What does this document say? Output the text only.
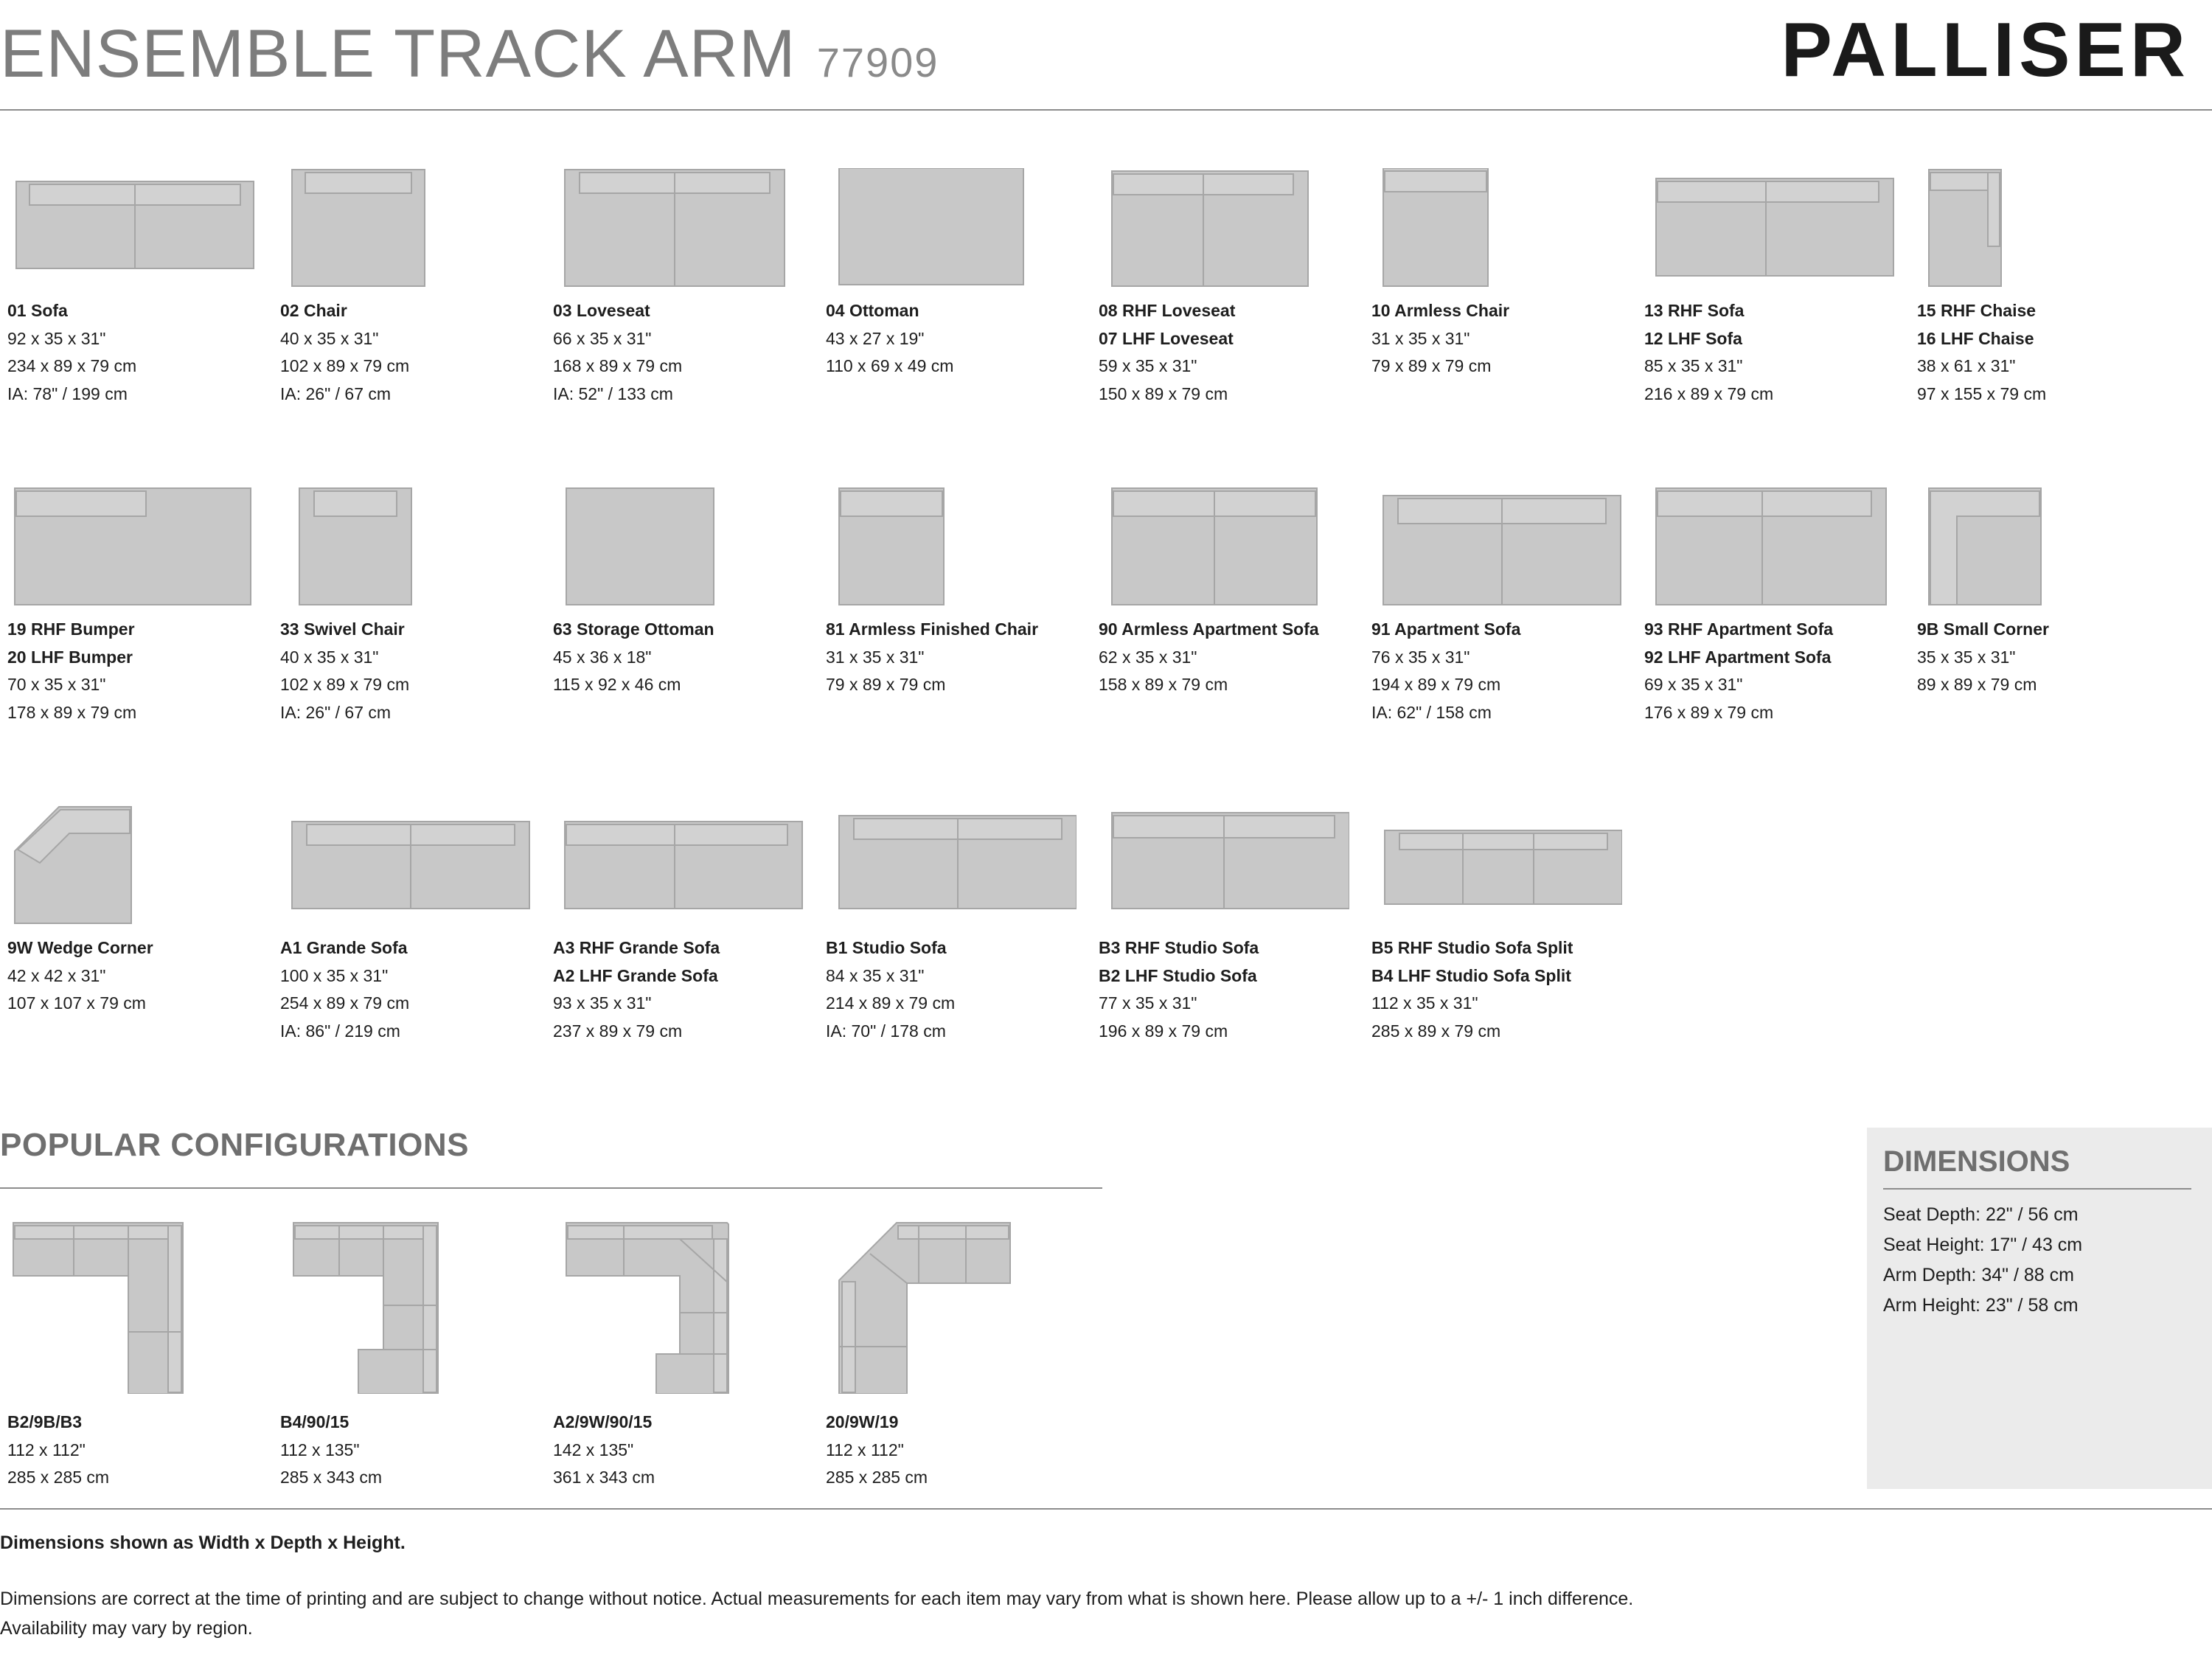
ENSEMBLE TRACK ARM 77909	PALLISER
01 Sofa
92 x 35 x 31"
234 x 89 x 79 cm
IA: 78" / 199 cm
02 Chair
40 x 35 x 31"
102 x 89 x 79 cm
IA: 26" / 67 cm
03 Loveseat
66 x 35 x 31"
168 x 89 x 79 cm
IA: 52" / 133 cm
04 Ottoman
43 x 27 x 19"
110 x 69 x 49 cm
08 RHF Loveseat
07 LHF Loveseat
59 x 35 x 31"
150 x 89 x 79 cm
10 Armless Chair
31 x 35 x 31"
79 x 89 x 79 cm
13 RHF Sofa
12 LHF Sofa
85 x 35 x 31"
216 x 89 x 79 cm
15 RHF Chaise
16 LHF Chaise
38 x 61 x 31"
97 x 155 x 79 cm
19 RHF Bumper
20 LHF Bumper
70 x 35 x 31"
178 x 89 x 79 cm
33 Swivel Chair
40 x 35 x 31"
102 x 89 x 79 cm
IA: 26" / 67 cm
63 Storage Ottoman
45 x 36 x 18"
115 x 92 x 46 cm
81 Armless Finished Chair
31 x 35 x 31"
79 x 89 x 79 cm
90 Armless Apartment Sofa
62 x 35 x 31"
158 x 89 x 79 cm
91 Apartment Sofa
76 x 35 x 31"
194 x 89 x 79 cm
IA: 62" / 158 cm
93 RHF Apartment Sofa
92 LHF Apartment Sofa
69 x 35 x 31"
176 x 89 x 79 cm
9B Small Corner
35 x 35 x 31"
89 x 89 x 79 cm
9W Wedge Corner
42 x 42 x 31"
107 x 107 x 79 cm
A1 Grande Sofa
100 x 35 x 31"
254 x 89 x 79 cm
IA: 86" / 219 cm
A3 RHF Grande Sofa
A2 LHF Grande Sofa
93 x 35 x 31"
237 x 89 x 79 cm
B1 Studio Sofa
84 x 35 x 31"
214 x 89 x 79 cm
IA: 70" / 178 cm
B3 RHF Studio Sofa
B2 LHF Studio Sofa
77 x 35 x 31"
196 x 89 x 79 cm
B5 RHF Studio Sofa Split
B4 LHF Studio Sofa Split
112 x 35 x 31"
285 x 89 x 79 cm
POPULAR CONFIGURATIONS
B2/9B/B3
112 x 112"
285 x 285 cm
B4/90/15
112 x 135"
285 x 343 cm
A2/9W/90/15
142 x 135"
361 x 343 cm
20/9W/19
112 x 112"
285 x 285 cm
DIMENSIONS
Seat Depth: 22" / 56 cm
Seat Height: 17" / 43 cm
Arm Depth: 34" / 88 cm
Arm Height: 23" / 58 cm
Dimensions shown as Width x Depth x Height.
Dimensions are correct at the time of printing and are subject to change without notice. Actual measurements for each item may vary from what is shown here. Please allow up to a +/- 1 inch difference.
Availability may vary by region.
